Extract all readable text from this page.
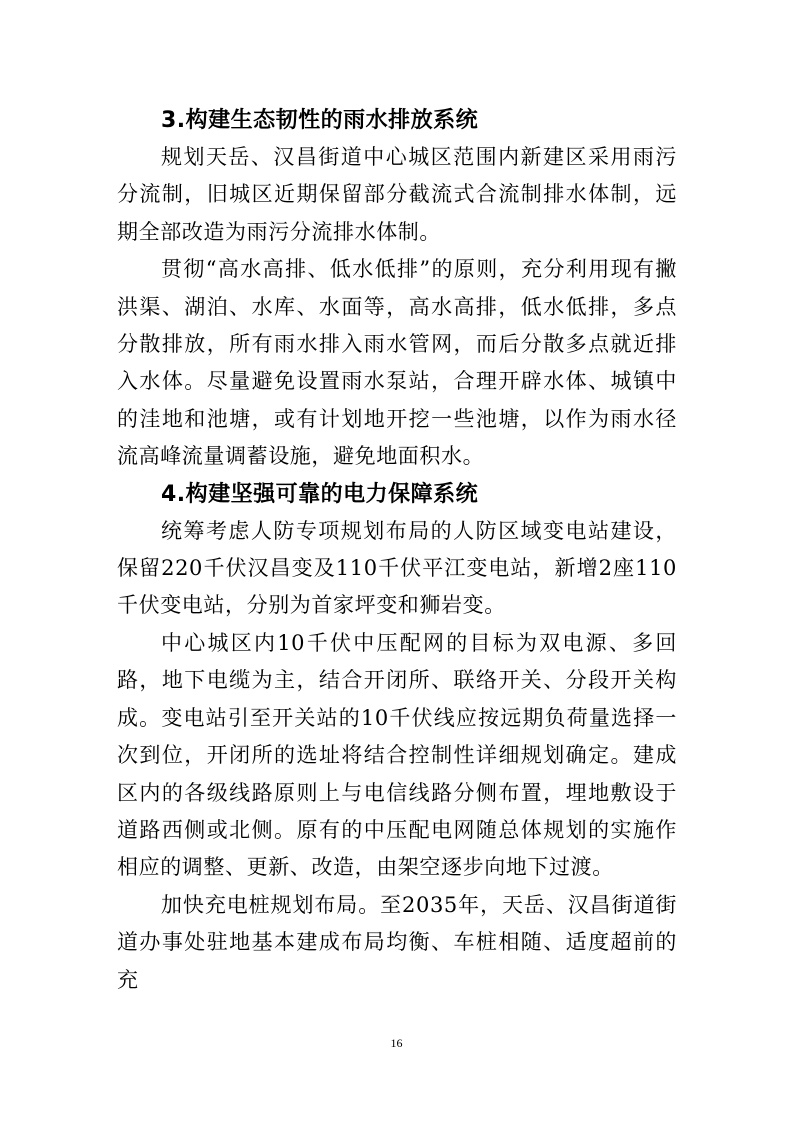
3.构建生态韧性的雨水排放系统

规划天岳、汉昌街道中心城区范围内新建区采用雨污分流制，旧城区近期保留部分截流式合流制排水体制，远期全部改造为雨污分流排水体制。

贯彻“高水高排、低水低排”的原则，充分利用现有撇洪渠、湖泊、水库、水面等，高水高排，低水低排，多点分散排放，所有雨水排入雨水管网，而后分散多点就近排入水体。尽量避免设置雨水泵站，合理开辟水体、城镇中的洼地和池塘，或有计划地开挖一些池塘，以作为雨水径流高峰流量调蓄设施，避免地面积水。

4.构建坚强可靠的电力保障系统

统筹考虑人防专项规划布局的人防区域变电站建设，保留220千伏汉昌变及110千伏平江变电站，新增2座110千伏变电站，分别为首家坪变和狮岩变。

中心城区内10千伏中压配网的目标为双电源、多回路，地下电缆为主，结合开闭所、联络开关、分段开关构成。变电站引至开关站的10千伏线应按远期负荷量选择一次到位，开闭所的选址将结合控制性详细规划确定。建成区内的各级线路原则上与电信线路分侧布置，埋地敷设于道路西侧或北侧。原有的中压配电网随总体规划的实施作相应的调整、更新、改造，由架空逐步向地下过渡。

加快充电桩规划布局。至2035年，天岳、汉昌街道街道办事处驻地基本建成布局均衡、车桩相随、适度超前的充

16
